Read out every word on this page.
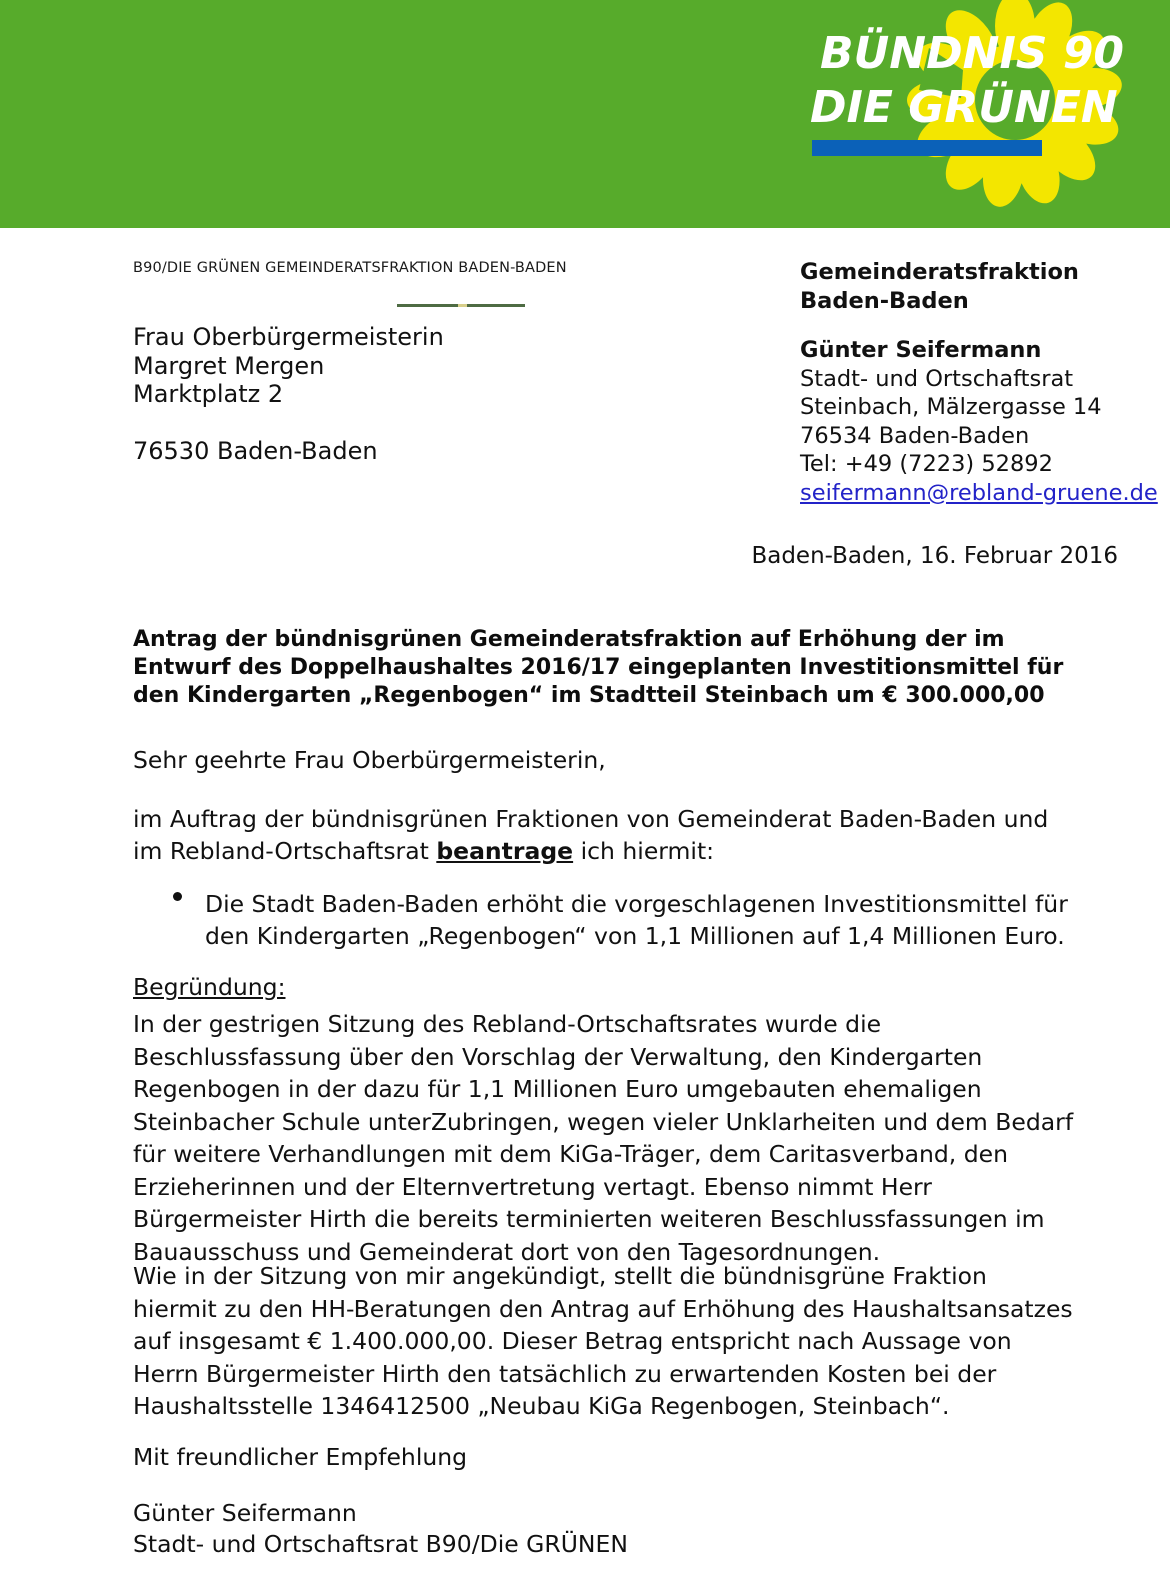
BÜNDNIS 90
DIE GRÜNEN
B90/DIE GRÜNEN GEMEINDERATSFRAKTION BADEN-BADEN
Frau Oberbürgermeisterin
Margret Mergen
Marktplatz 2
76530 Baden-Baden
Gemeinderatsfraktion Baden-Baden
Günter Seifermann
Stadt- und Ortschaftsrat
Steinbach, Mälzergasse 14
76534 Baden-Baden
Tel: +49 (7223) 52892
seifermann@rebland-gruene.de
Baden-Baden, 16. Februar 2016
Antrag der bündnisgrünen Gemeinderatsfraktion auf Erhöhung der im Entwurf des Doppelhaushaltes 2016/17 eingeplanten Investitionsmittel für den Kindergarten „Regenbogen“ im Stadtteil Steinbach um € 300.000,00
Sehr geehrte Frau Oberbürgermeisterin,
im Auftrag der bündnisgrünen Fraktionen von Gemeinderat Baden-Baden und im Rebland-Ortschaftsrat beantrage ich hiermit:
Die Stadt Baden-Baden erhöht die vorgeschlagenen Investitionsmittel für den Kindergarten „Regenbogen“ von 1,1 Millionen auf 1,4 Millionen Euro.
Begründung:
In der gestrigen Sitzung des Rebland-Ortschaftsrates wurde die Beschlussfassung über den Vorschlag der Verwaltung, den Kindergarten Regenbogen in der dazu für 1,1 Millionen Euro umgebauten ehemaligen Steinbacher Schule unterZubringen, wegen vieler Unklarheiten und dem Bedarf für weitere Verhandlungen mit dem KiGa-Träger, dem Caritasverband, den Erzieherinnen und der Elternvertretung vertagt. Ebenso nimmt Herr Bürgermeister Hirth die bereits terminierten weiteren Beschlussfassungen im Bauausschuss und Gemeinderat dort von den Tagesordnungen.
Wie in der Sitzung von mir angekündigt, stellt die bündnisgrüne Fraktion hiermit zu den HH-Beratungen den Antrag auf Erhöhung des Haushaltsansatzes auf insgesamt € 1.400.000,00. Dieser Betrag entspricht nach Aussage von Herrn Bürgermeister Hirth den tatsächlich zu erwartenden Kosten bei der Haushaltsstelle 1346412500 „Neubau KiGa Regenbogen, Steinbach“.
Mit freundlicher Empfehlung
Günter Seifermann
Stadt- und Ortschaftsrat B90/Die GRÜNEN
